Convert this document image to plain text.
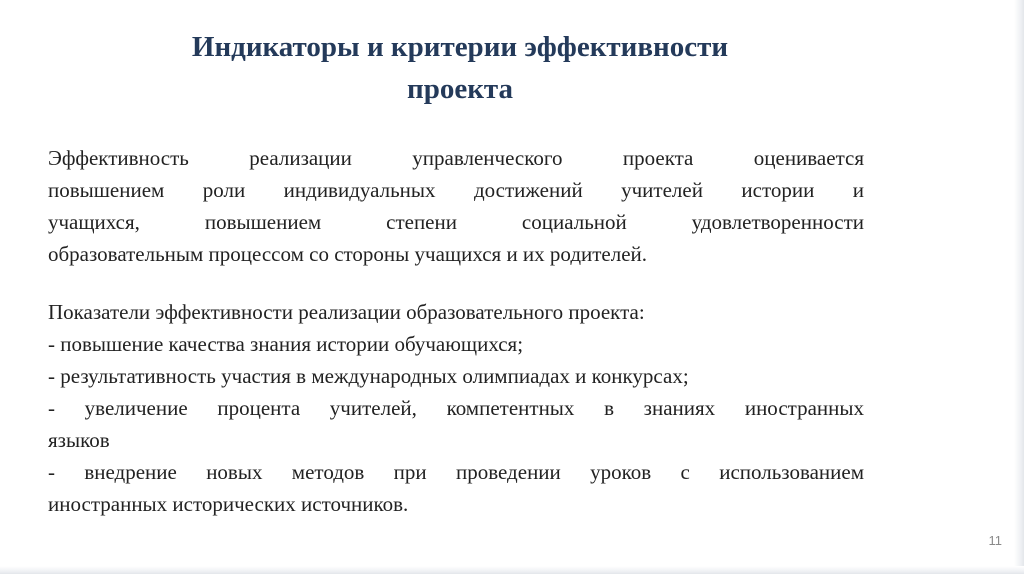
Индикаторы и критерии эффективности
проекта

Эффективность реализации управленческого проекта оценивается
повышением роли индивидуальных достижений учителей истории и
учащихся, повышением степени социальной удовлетворенности
образовательным процессом со стороны учащихся и их родителей.

Показатели эффективности реализации образовательного проекта:
- повышение качества знания истории обучающихся;
- результативность участия в международных олимпиадах и конкурсах;
- увеличение процента учителей, компетентных в знаниях иностранных
языков
- внедрение новых методов при проведении уроков с использованием
иностранных исторических источников.

11
